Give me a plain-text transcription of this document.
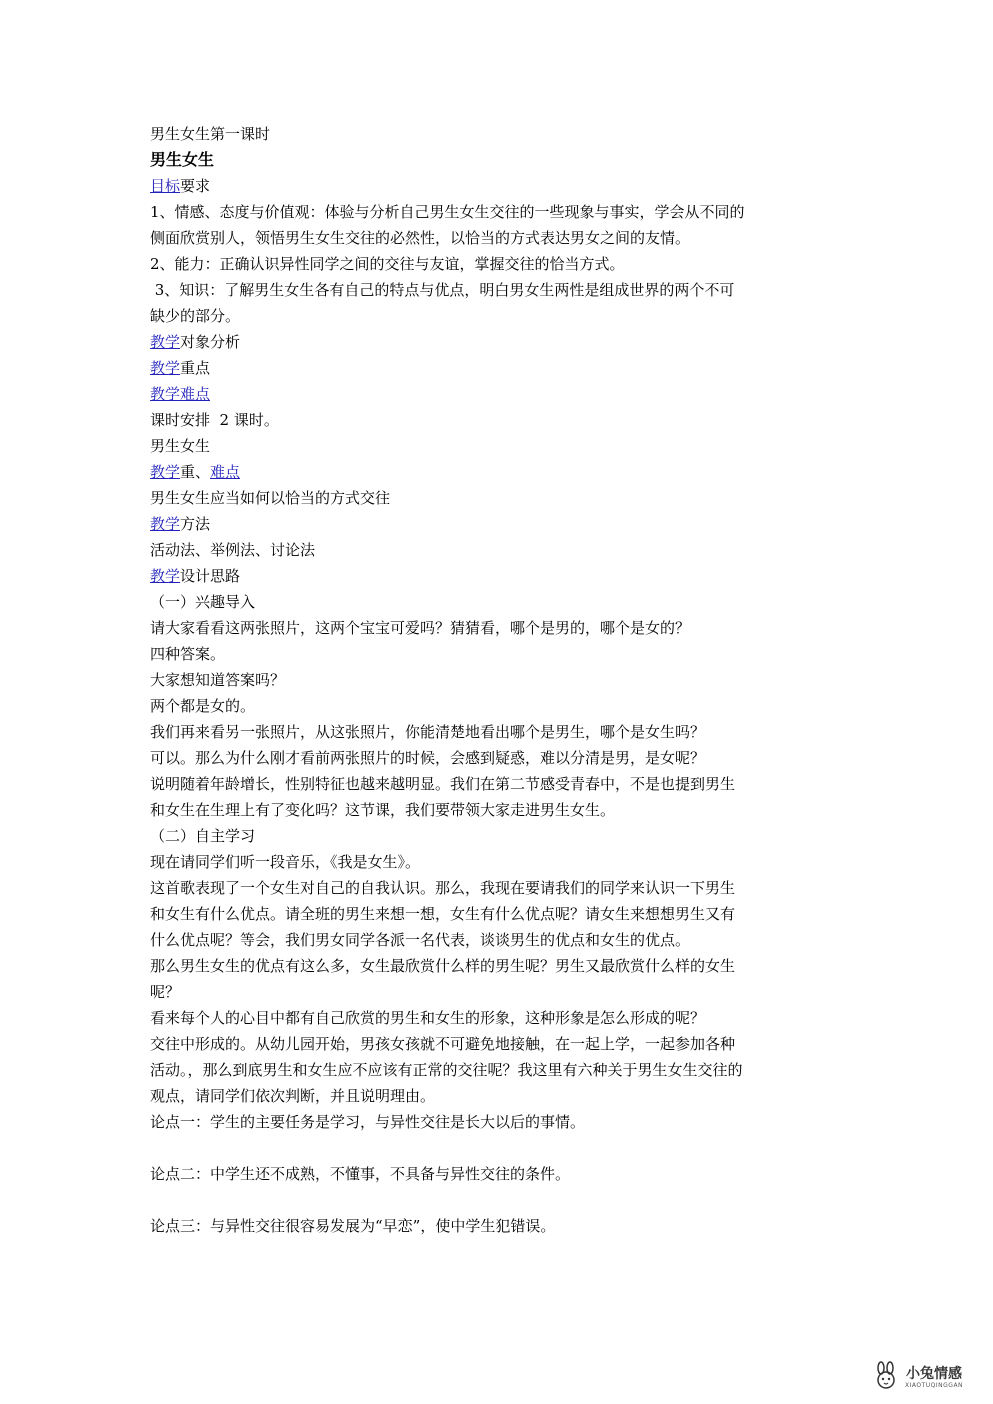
男生女生第一课时
男生女生
目标要求
1、情感、态度与价值观：体验与分析自己男生女生交往的一些现象与事实，学会从不同的
侧面欣赏别人，领悟男生女生交往的必然性，以恰当的方式表达男女之间的友情。
2、能力：正确认识异性同学之间的交往与友谊，掌握交往的恰当方式。
3、知识：了解男生女生各有自己的特点与优点，明白男女生两性是组成世界的两个不可
缺少的部分。
教学对象分析
教学重点
教学难点
课时安排  2 课时。
男生女生
教学重、难点
男生女生应当如何以恰当的方式交往
教学方法
活动法、举例法、讨论法
教学设计思路
（一）兴趣导入
请大家看看这两张照片，这两个宝宝可爱吗？猜猜看，哪个是男的，哪个是女的？
四种答案。
大家想知道答案吗？
两个都是女的。
我们再来看另一张照片，从这张照片，你能清楚地看出哪个是男生，哪个是女生吗？
可以。那么为什么刚才看前两张照片的时候，会感到疑惑，难以分清是男，是女呢？
说明随着年龄增长，性别特征也越来越明显。我们在第二节感受青春中，不是也提到男生
和女生在生理上有了变化吗？这节课，我们要带领大家走进男生女生。
（二）自主学习
现在请同学们听一段音乐，《我是女生》。
这首歌表现了一个女生对自己的自我认识。那么，我现在要请我们的同学来认识一下男生
和女生有什么优点。请全班的男生来想一想，女生有什么优点呢？请女生来想想男生又有
什么优点呢？等会，我们男女同学各派一名代表，谈谈男生的优点和女生的优点。
那么男生女生的优点有这么多，女生最欣赏什么样的男生呢？男生又最欣赏什么样的女生
呢？
看来每个人的心目中都有自己欣赏的男生和女生的形象，这种形象是怎么形成的呢？
交往中形成的。从幼儿园开始，男孩女孩就不可避免地接触，在一起上学，一起参加各种
活动。，那么到底男生和女生应不应该有正常的交往呢？我这里有六种关于男生女生交往的
观点，请同学们依次判断，并且说明理由。
论点一：学生的主要任务是学习，与异性交往是长大以后的事情。
论点二：中学生还不成熟，不懂事，不具备与异性交往的条件。
论点三：与异性交往很容易发展为“早恋”，使中学生犯错误。
小兔情感
XIAOTUQINGGAN
